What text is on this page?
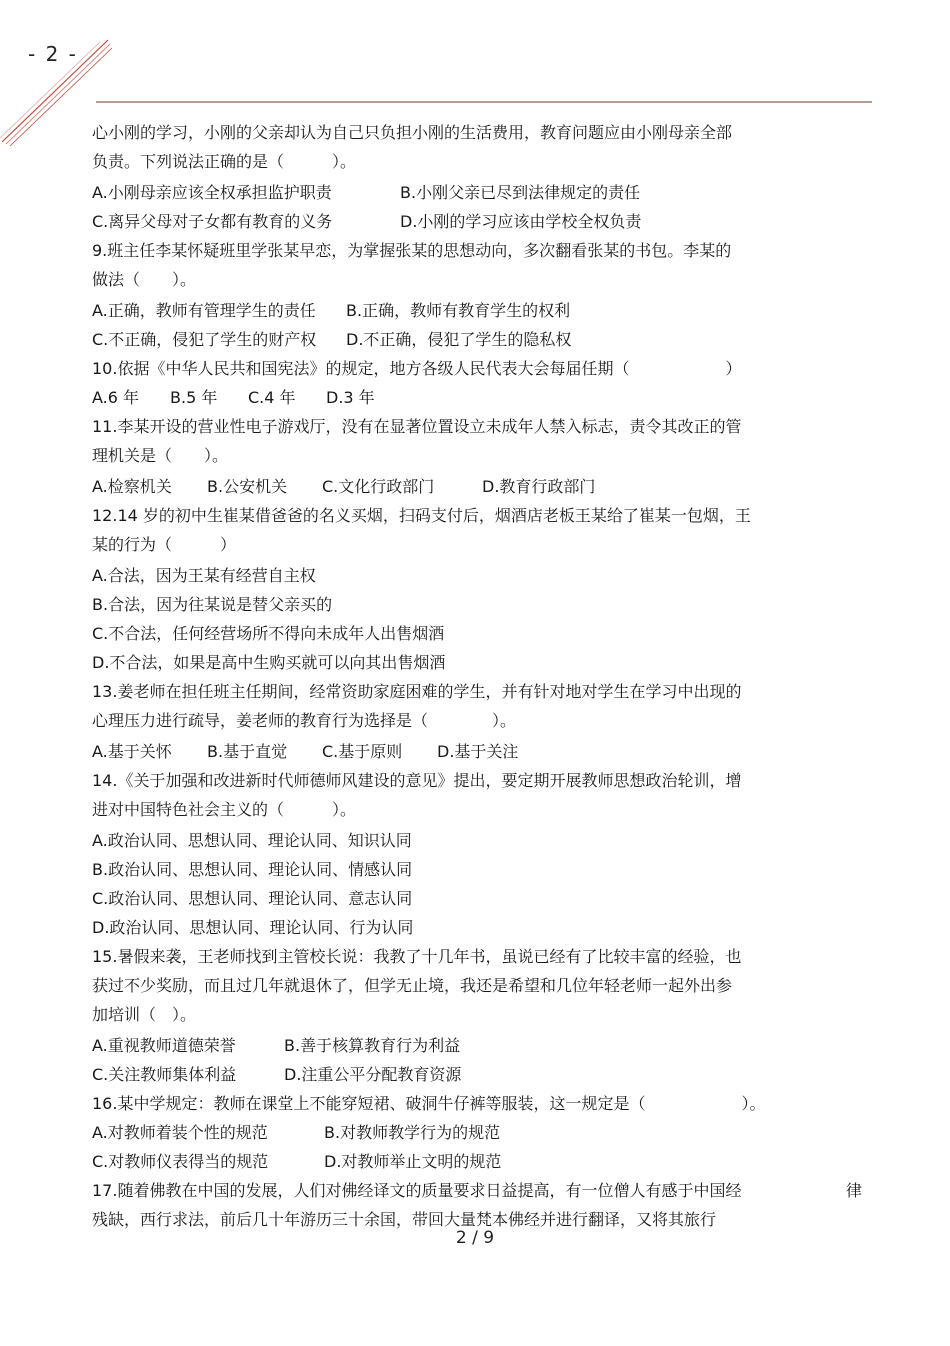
- 2 -
心小刚的学习，小刚的父亲却认为自己只负担小刚的生活费用，教育问题应由小刚母亲全部
负责。下列说法正确的是（　　　）。
A.小刚母亲应该全权承担监护职责	B.小刚父亲已尽到法律规定的责任
C.离异父母对子女都有教育的义务	D.小刚的学习应该由学校全权负责
9.班主任李某怀疑班里学张某早恋，为掌握张某的思想动向，多次翻看张某的书包。李某的
做法（　　）。
A.正确，教师有管理学生的责任 B.正确，教师有教育学生的权利
C.不正确，侵犯了学生的财产权 D.不正确，侵犯了学生的隐私权
10.依据《中华人民共和国宪法》的规定，地方各级人民代表大会每届任期（　　　　　　）
A.6 年 B.5 年 C.4 年 D.3 年
11.李某开设的营业性电子游戏厅，没有在显著位置设立未成年人禁入标志，责令其改正的管
理机关是（　　）。
A.检察机关 B.公安机关 C.文化行政部门	D.教育行政部门
12.14 岁的初中生崔某借爸爸的名义买烟，扫码支付后，烟酒店老板王某给了崔某一包烟，王
某的行为（　　　）
A.合法，因为王某有经营自主权
B.合法，因为往某说是替父亲买的
C.不合法，任何经营场所不得向未成年人出售烟酒
D.不合法，如果是高中生购买就可以向其出售烟酒
13.姜老师在担任班主任期间，经常资助家庭困难的学生，并有针对地对学生在学习中出现的
心理压力进行疏导，姜老师的教育行为选择是（　　　　）。
A.基于关怀 B.基于直觉 C.基于原则 D.基于关注
14.《关于加强和改进新时代师德师风建设的意见》提出，要定期开展教师思想政治轮训，增
进对中国特色社会主义的（　　　）。
A.政治认同、思想认同、理论认同、知识认同
B.政治认同、思想认同、理论认同、情感认同
C.政治认同、思想认同、理论认同、意志认同
D.政治认同、思想认同、理论认同、行为认同
15.暑假来袭，王老师找到主管校长说：我教了十几年书，虽说已经有了比较丰富的经验，也
获过不少奖励，而且过几年就退休了，但学无止境，我还是希望和几位年轻老师一起外出参
加培训（　）。
A.重视教师道德荣誉	B.善于核算教育行为利益
C.关注教师集体利益	D.注重公平分配教育资源
16.某中学规定：教师在课堂上不能穿短裙、破洞牛仔裤等服装，这一规定是（　　　　　　）。
A.对教师着装个性的规范	B.对教师教学行为的规范
C.对教师仪表得当的规范	D.对教师举止文明的规范
17.随着佛教在中国的发展，人们对佛经译文的质量要求日益提高，有一位僧人有感于中国经	律
残缺，西行求法，前后几十年游历三十余国，带回大量梵本佛经并进行翻译，又将其旅行
2 / 9
